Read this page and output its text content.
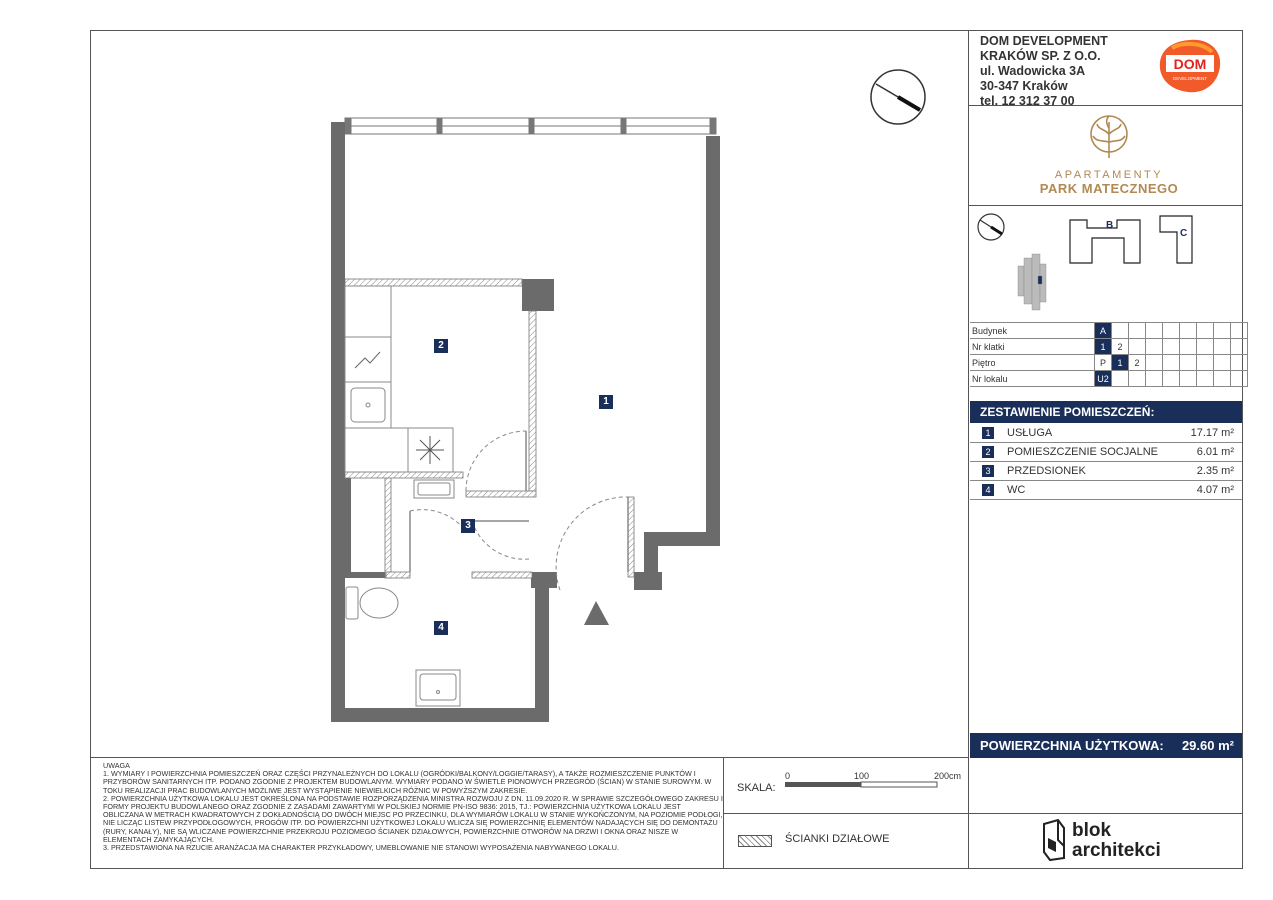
1
2
3
4
DOM DEVELOPMENT
KRAKÓW SP. Z O.O.
ul. Wadowicka 3A
30-347 Kraków
tel. 12 312 37 00
DOM
DEVELOPMENT
APARTAMENTY
PARK MATECZNEGO
B
C
Budynek	A								
Nr klatki	1	2							
Piętro	P	1	2						
Nr lokalu	U2								
ZESTAWIENIE POMIESZCZEŃ:
1	USŁUGA	17.17 m²
2	POMIESZCZENIE SOCJALNE	6.01 m²
3	PRZEDSIONEK	2.35 m²
4	WC	4.07 m²
POWIERZCHNIA UŻYTKOWA: 29.60 m²

UWAGA

1. WYMIARY I POWIERZCHNIA POMIESZCZEŃ ORAZ CZĘŚCI PRZYNALEŻNYCH DO LOKALU (OGRÓDKI/BALKONY/LOGGIE/TARASY), A TAKŻE ROZMIESZCZENIE PUNKTÓW I PRZYBORÓW SANITARNYCH ITP. PODANO ZGODNIE Z PROJEKTEM BUDOWLANYM. WYMIARY PODANO W ŚWIETLE PIONOWYCH PRZEGRÓD (ŚCIAN) W STANIE SUROWYM. W TOKU REALIZACJI PRAC BUDOWLANYCH MOŻLIWE JEST WYSTĄPIENIE NIEWIELKICH RÓŻNIC W POWYŻSZYM ZAKRESIE.

2. POWIERZCHNIA UŻYTKOWA LOKALU JEST OKREŚLONA NA PODSTAWIE ROZPORZĄDZENIA MINISTRA ROZWOJU Z DN. 11.09.2020 R. W SPRAWIE SZCZEGÓŁOWEGO ZAKRESU I FORMY PROJEKTU BUDOWLANEGO ORAZ ZGODNIE Z ZASADAMI ZAWARTYMI W POLSKIEJ NORMIE PN-ISO 9836: 2015, TJ.: POWIERZCHNIA UŻYTKOWA LOKALU JEST OBLICZANA W METRACH KWADRATOWYCH Z DOKŁADNOŚCIĄ DO DWÓCH MIEJSC PO PRZECINKU, DLA WYMIARÓW LOKALU W STANIE WYKOŃCZONYM, NA POZIOMIE PODŁOGI, NIE LICZĄC LISTEW PRZYPODŁOGOWYCH, PROGÓW ITP. DO POWIERZCHNI UŻYTKOWEJ LOKALU WLICZA SIĘ POWIERZCHNIĘ ELEMENTÓW NADAJĄCYCH SIĘ DO DEMONTAŻU (RURY, KANAŁY), NIE SĄ WLICZANE POWIERZCHNIE PRZEKROJU POZIOMEGO ŚCIANEK DZIAŁOWYCH, POWIERZCHNIE OTWORÓW NA DRZWI I OKNA ORAZ NISZE W ELEMENTACH ZAMYKAJĄCYCH.

3. PRZEDSTAWIONA NA RZUCIE ARANŻACJA MA CHARAKTER PRZYKŁADOWY, UMEBLOWANIE NIE STANOWI WYPOSAŻENIA NABYWANEGO LOKALU.

SKALA:
0	100	200cm
ŚCIANKI DZIAŁOWE	blok
architekci
